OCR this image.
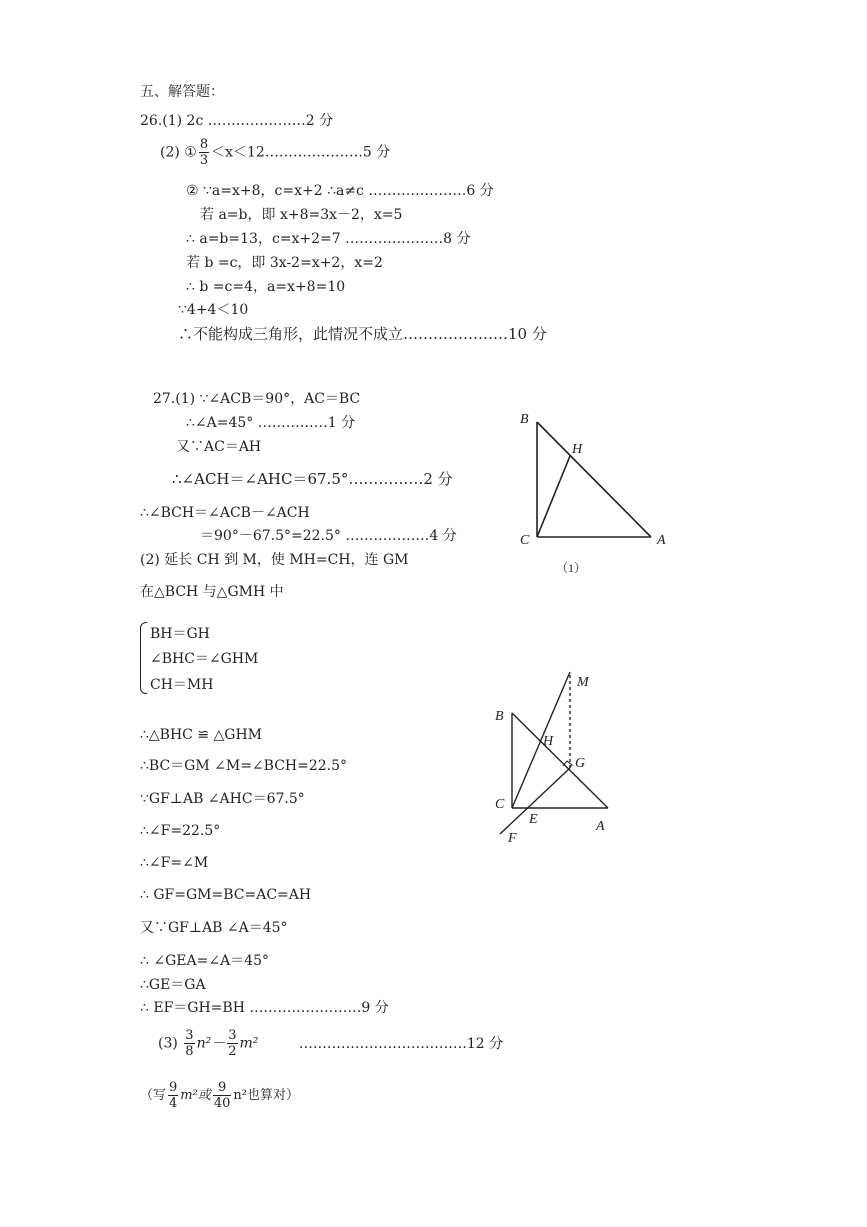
五、解答题：
26.(1) 2c …………………2 分
(2) ① $\frac{8}{3}$ ＜x＜12…………………5 分
② ∵a=x+8，c=x+2 ∴a≠c …………………6 分
若 a=b，即 x+8=3x－2，x=5
∴ a=b=13，c=x+2=7 …………………8 分
若 b =c，即 3x-2=x+2，x=2
∴ b =c=4，a=x+8=10
∵4+4＜10
∴不能构成三角形，此情况不成立…………………10 分
27.(1) ∵∠ACB＝90°，AC＝BC
∴∠A=45° ……………1 分
又∵AC＝AH
∴∠ACH＝∠AHC＝67.5°……………2 分
∴∠BCH＝∠ACB－∠ACH
＝90°－67.5°=22.5° ………………4 分
(2) 延长 CH 到 M，使 MH=CH，连 GM
在△BCH 与△GMH 中
BH＝GH
∠BHC＝∠GHM
CH＝MH
∴△BHC ≌ △GHM
∴BC＝GM ∠M=∠BCH=22.5°
∵GF⊥AB ∠AHC＝67.5°
∴∠F=22.5°
∴∠F=∠M
∴ GF=GM=BC=AC=AH
又∵GF⊥AB ∠A＝45°
∴ ∠GEA=∠A＝45°
∴GE＝GA
∴ EF＝GH=BH ……………………9 分
$(3) \frac{3}{8} n^2- \frac{3}{2} m^2$	………………………………12 分
（写 $\frac{9}{4} m^2$或 $\frac{9}{40} n^2$也算对）
B
H
C	A
（1）
M
B
H
G
C
E	A
F
